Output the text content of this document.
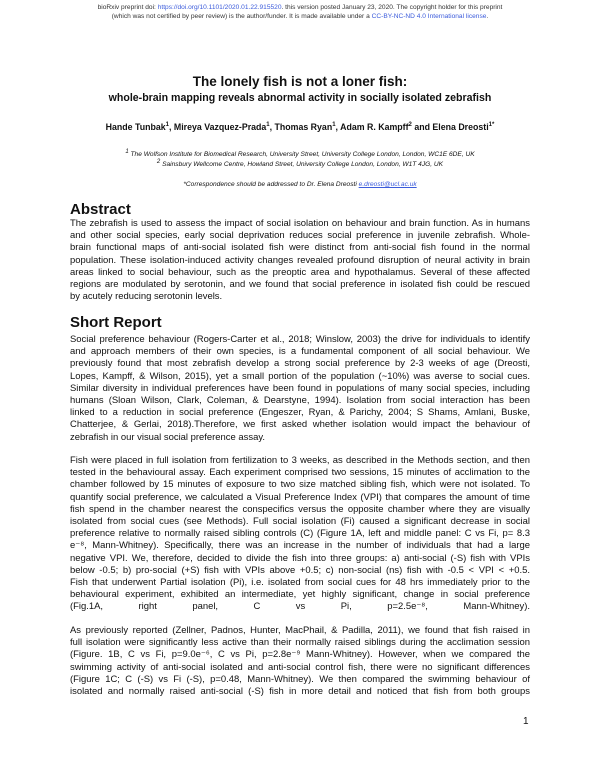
bioRxiv preprint doi: https://doi.org/10.1101/2020.01.22.915520. this version posted January 23, 2020. The copyright holder for this preprint
(which was not certified by peer review) is the author/funder. It is made available under a CC-BY-NC-ND 4.0 International license.
The lonely fish is not a loner fish:
whole-brain mapping reveals abnormal activity in socially isolated zebrafish
Hande Tunbak$^1$, Mireya Vazquez-Prada$^1$, Thomas Ryan$^1$, Adam R. Kampff$^2$ and Elena Dreosti$^{1*}$
$^1$ The Wolfson Institute for Biomedical Research, University Street, University College London, London, WC1E 6DE, UK
$^2$ Sainsbury Wellcome Centre, Howland Street, University College London, London, W1T 4JG, UK
*Correspondence should be addressed to Dr. Elena Dreosti e.dreosti@ucl.ac.uk
Abstract
The zebrafish is used to assess the impact of social isolation on behaviour and brain function. As in humans
and other social species, early social deprivation reduces social preference in juvenile zebrafish. Whole-
brain functional maps of anti-social isolated fish were distinct from anti-social fish found in the normal
population. These isolation-induced activity changes revealed profound disruption of neural activity in brain
areas linked to social behaviour, such as the preoptic area and hypothalamus. Several of these affected
regions are modulated by serotonin, and we found that social preference in isolated fish could be rescued
by acutely reducing serotonin levels.
Short Report
Social preference behaviour (Rogers-Carter et al., 2018; Winslow, 2003) the drive for individuals to identify
and approach members of their own species, is a fundamental component of all social behaviour. We
previously found that most zebrafish develop a strong social preference by 2-3 weeks of age (Dreosti,
Lopes, Kampff, & Wilson, 2015), yet a small portion of the population (~10%) was averse to social cues.
Similar diversity in individual preferences have been found in populations of many social species, including
humans (Sloan Wilson, Clark, Coleman, & Dearstyne, 1994). Isolation from social interaction has been
linked to a reduction in social preference (Engeszer, Ryan, & Parichy, 2004; S Shams, Amlani, Buske,
Chatterjee, & Gerlai, 2018).Therefore, we first asked whether isolation would impact the behaviour of
zebrafish in our visual social preference assay.
Fish were placed in full isolation from fertilization to 3 weeks, as described in the Methods section, and then
tested in the behavioural assay. Each experiment comprised two sessions, 15 minutes of acclimation to the
chamber followed by 15 minutes of exposure to two size matched sibling fish, which were not isolated. To
quantify social preference, we calculated a Visual Preference Index (VPI) that compares the amount of time
fish spend in the chamber nearest the conspecifics versus the opposite chamber where they are visually
isolated from social cues (see Methods). Full social isolation (Fi) caused a significant decrease in social
preference relative to normally raised sibling controls (C) (Figure 1A, left and middle panel: C vs Fi, p= 8.3
e⁻⁸, Mann-Whitney). Specifically, there was an increase in the number of individuals that had a large
negative VPI. We, therefore, decided to divide the fish into three groups: a) anti-social (-S) fish with VPIs
below -0.5; b) pro-social (+S) fish with VPIs above +0.5; c) non-social (ns) fish with -0.5 < VPI < +0.5.
Fish that underwent Partial isolation (Pi), i.e. isolated from social cues for 48 hrs immediately prior to the
behavioural experiment, exhibited an intermediate, yet highly significant, change in social preference
(Fig.1A, right panel, C vs Pi, p=2.5e⁻⁸, Mann-Whitney).
As previously reported (Zellner, Padnos, Hunter, MacPhail, & Padilla, 2011), we found that fish raised in
full isolation were significantly less active than their normally raised siblings during the acclimation session
(Figure. 1B, C vs Fi, p=9.0e⁻⁶, C vs Pi, p=2.8e⁻⁹ Mann-Whitney). However, when we compared the
swimming activity of anti-social isolated and anti-social control fish, there were no significant differences
(Figure 1C; C (-S) vs Fi (-S), p=0.48, Mann-Whitney). We then compared the swimming behaviour of
isolated and normally raised anti-social (-S) fish in more detail and noticed that fish from both groups
1
